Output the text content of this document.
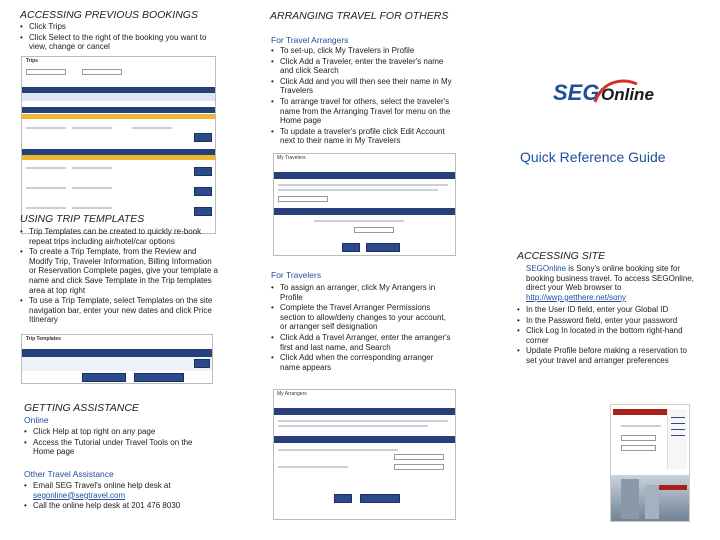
ACCESSING PREVIOUS BOOKINGS
• Click Trips
• Click Select to the right of the booking you want to view, change or cancel
Trips
USING TRIP TEMPLATES
• Trip Templates can be created to quickly re-book repeat trips including air/hotel/car options
• To create a Trip Template, from the Review and Modify Trip, Traveler Information, Billing Information or Reservation Complete pages, give your template a name and click Save Template in the Trip templates area at top right
• To use a Trip Template, select Templates on the site navigation bar, enter your new dates and click Price Itinerary
Trip Templates
GETTING ASSISTANCE
Online
• Click Help at top right on any page
• Access the Tutorial under Travel Tools on the Home page
Other Travel Assistance
• Email SEG Travel's online help desk at
segonline@segtravel.com
• Call the online help desk at 201 476 8030
ARRANGING TRAVEL FOR OTHERS
For Travel Arrangers
• To set-up, click My Travelers in Profile
• Click Add a Traveler, enter the traveler's name and click Search
• Click Add and you will then see their name in My Travelers
• To arrange travel for others, select the traveler's name from the Arranging Travel for menu on the Home page
• To update a traveler's profile click Edit Account next to their name in My Travelers
My Travelers
For Travelers
• To assign an arranger, click My Arrangers in Profile
• Complete the Travel Arranger Permissions section to allow/deny changes to your account, or arranger self designation
• Click Add a Travel Arranger, enter the arranger's first and last name, and Search
• Click Add when the corresponding arranger name appears
My Arrangers
SEG Online
Quick Reference Guide
ACCESSING SITE
SEGOnline is Sony's online booking site for booking business travel. To access SEGOnline, direct your Web browser to http://wwp.getthere.net/sony
• In the User ID field, enter your Global ID
• In the Password field, enter your password
• Click Log In located in the bottom right-hand corner
• Update Profile before making a reservation to set your travel and arranger preferences
